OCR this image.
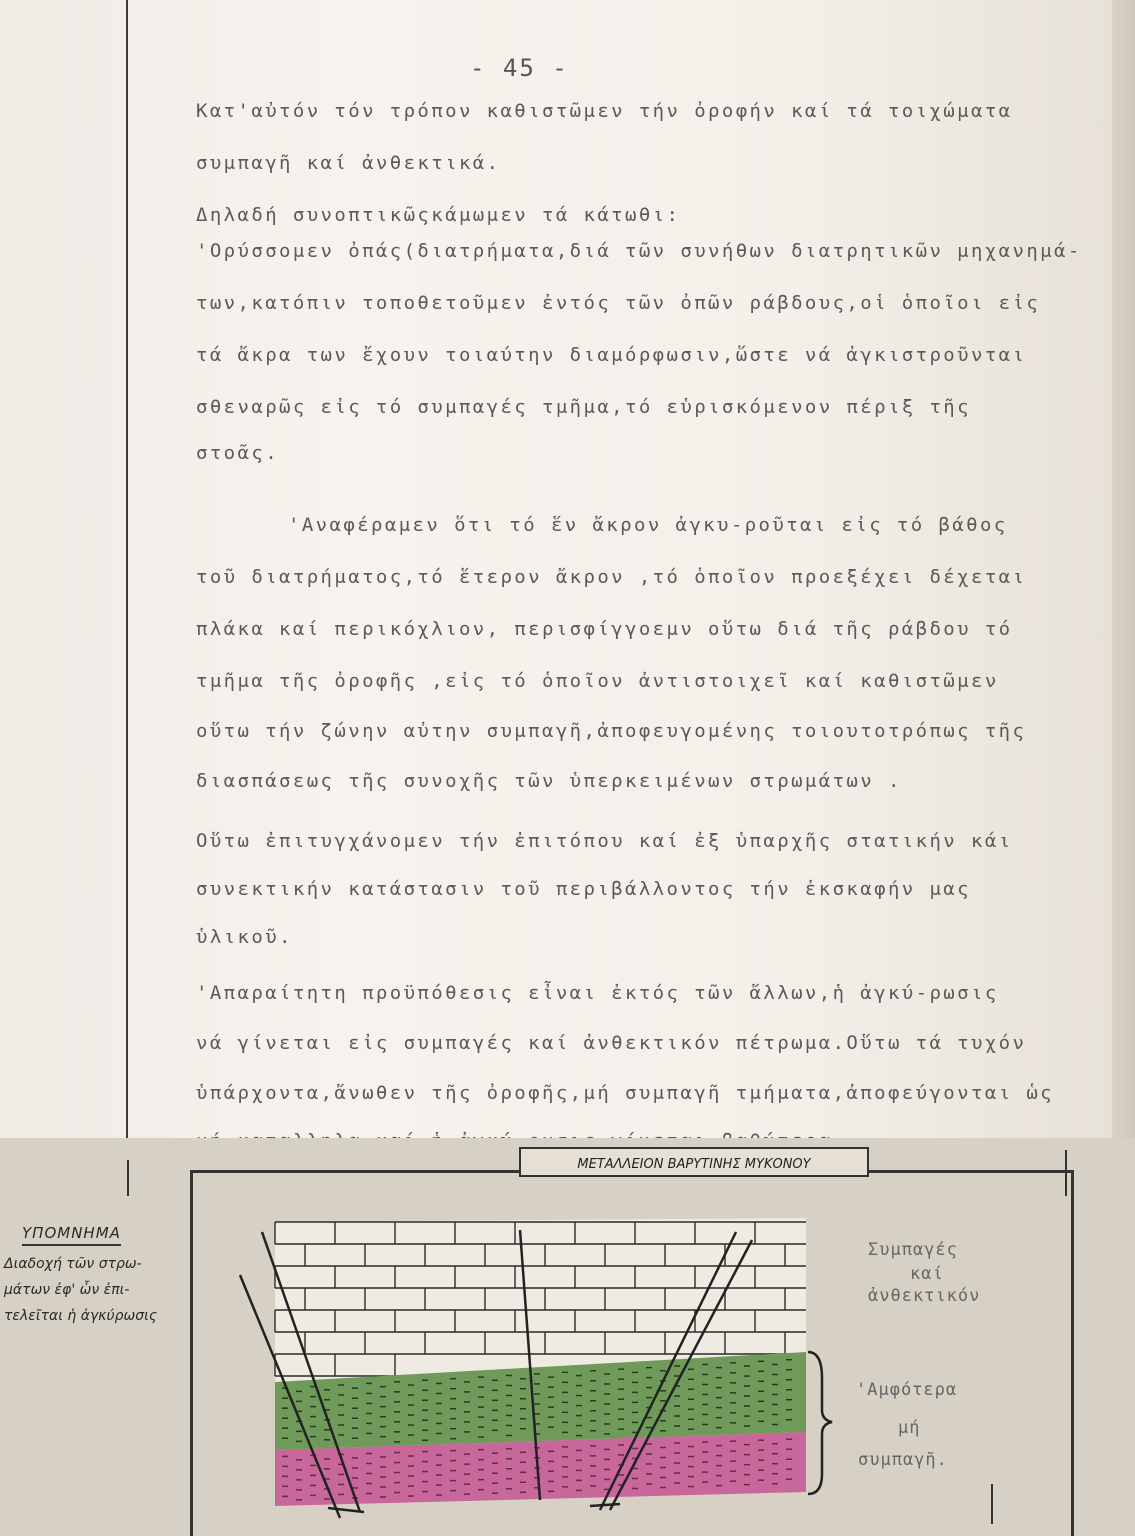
- 45 -

Κατ'αὐτόν τόν τρόπον καθιστῶμεν τήν ὀροφήν καί τά τοιχώματα

συμπαγῆ καί ἀνθεκτικά.

Δηλαδή συνοπτικῶςκάμωμεν τά κάτωθι:

'Ορύσσομεν ὀπάς(διατρήματα,διά τῶν συνήθων διατρητικῶν μηχανημά-

των,κατόπιν τοποθετοῦμεν ἐντός τῶν ὀπῶν ράβδους,οἱ ὁποῖοι εἰς

τά ἄκρα των ἔχουν τοιαύτην διαμόρφωσιν,ὥστε νά ἀγκιστροῦνται

σθεναρῶς εἰς τό συμπαγές τμῆμα,τό εὑρισκόμενον πέριξ τῆς

στοᾶς.

'Αναφέραμεν ὅτι τό ἕν ἄκρον ἀγκυ-ροῦται εἰς τό βάθος

τοῦ διατρήματος,τό ἕτερον ἄκρον ,τό ὁποῖον προεξέχει δέχεται

πλάκα καί περικόχλιον, περισφίγγοεμν οὕτω διά τῆς ράβδου τό

τμῆμα τῆς ὀροφῆς ,εἰς τό ὁποῖον ἀντιστοιχεῖ καί καθιστῶμεν

οὕτω τήν ζώνην αὐτην συμπαγῆ,ἀποφευγομένης τοιουτοτρόπως τῆς

διασπάσεως τῆς συνοχῆς τῶν ὑπερκειμένων στρωμάτων .

Οὕτω ἐπιτυγχάνομεν τήν ἐπιτόπου καί ἐξ ὑπαρχῆς στατικήν κάι

συνεκτικήν κατάστασιν τοῦ περιβάλλοντος τήν ἐκσκαφήν μας

ὑλικοῦ.

'Απαραίτητη προϋπόθεσις εἶναι ἐκτός τῶν ἄλλων,ἡ ἀγκύ-ρωσις

νά γίνεται εἰς συμπαγές καί ἀνθεκτικόν πέτρωμα.Οὕτω τά τυχόν

ὑπάρχοντα,ἄνωθεν τῆς ὀροφῆς,μή συμπαγῆ τμήματα,ἀποφεύγονται ὡς

ΜΕΤΑΛΛΕΙΟΝ ΒΑΡΥΤΙΝΗΣ ΜΥΚΟΝΟΥ
ΥΠΟΜΝΗΜΑ
Διαδοχή τῶν στρω-
μάτων ἐφ' ὧν ἐπι-
τελεῖται ἡ ἀγκύρωσις
Συμπαγές
καί
ἀνθεκτικόν
'Αμφότερα
μή
συμπαγῆ.
